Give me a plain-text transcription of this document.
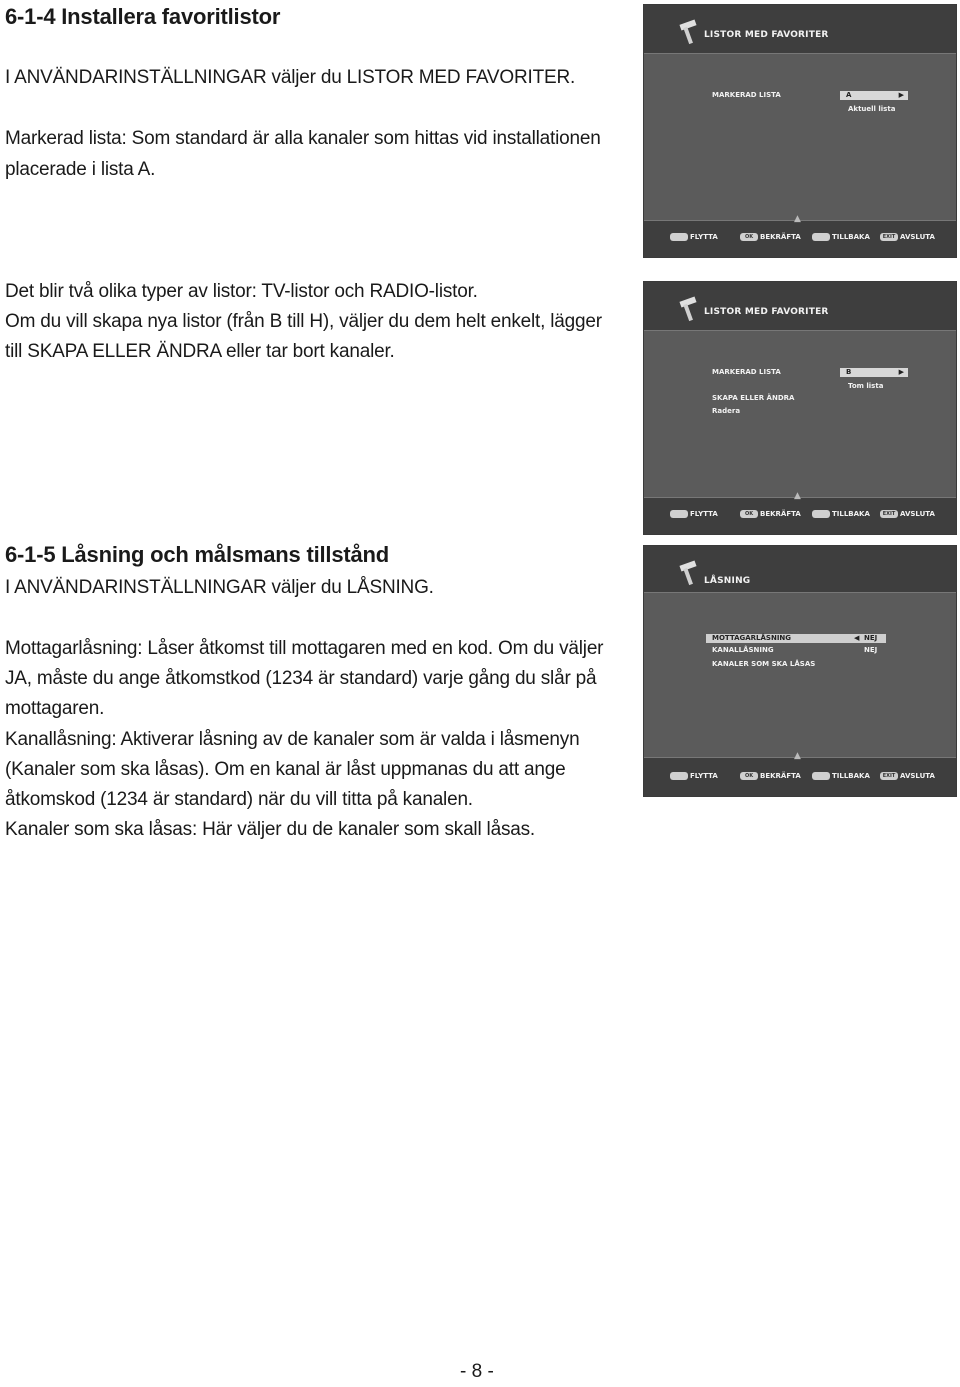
6-1-4 Installera favoritlistor
I ANVÄNDARINSTÄLLNINGAR väljer du LISTOR MED FAVORITER.
Markerad lista: Som standard är alla kanaler som hittas vid installationen
placerade i lista A.
Det blir två olika typer av listor: TV-listor och RADIO-listor.
Om du vill skapa nya listor (från B till H), väljer du dem helt enkelt, lägger
till SKAPA ELLER ÄNDRA eller tar bort kanaler.
6-1-5 Låsning och målsmans tillstånd
I ANVÄNDARINSTÄLLNINGAR väljer du LÅSNING.
Mottagarlåsning: Låser åtkomst till mottagaren med en kod. Om du väljer
JA, måste du ange åtkomstkod (1234 är standard) varje gång du slår på
mottagaren.
Kanallåsning: Aktiverar låsning av de kanaler som är valda i låsmenyn
(Kanaler som ska låsas). Om en kanal är låst uppmanas du att ange
åtkomskod (1234 är standard) när du vill titta på kanalen.
Kanaler som ska låsas: Här väljer du de kanaler som skall låsas.
LISTOR MED FAVORITER
MARKERAD LISTA	A	▶
Aktuell lista
▲
FLYTTA	OK BEKRÄFTA	TILLBAKA	EXIT AVSLUTA
LISTOR MED FAVORITER
MARKERAD LISTA	B	▶
Tom lista
SKAPA ELLER ÄNDRA
Radera
▲
FLYTTA	OK BEKRÄFTA	TILLBAKA	EXIT AVSLUTA
LÅSNING
MOTTAGARLÅSNING	◀ NEJ
KANALLÅSNING	NEJ
KANALER SOM SKA LÅSAS
▲
FLYTTA	OK BEKRÄFTA	TILLBAKA	EXIT AVSLUTA
- 8 -
